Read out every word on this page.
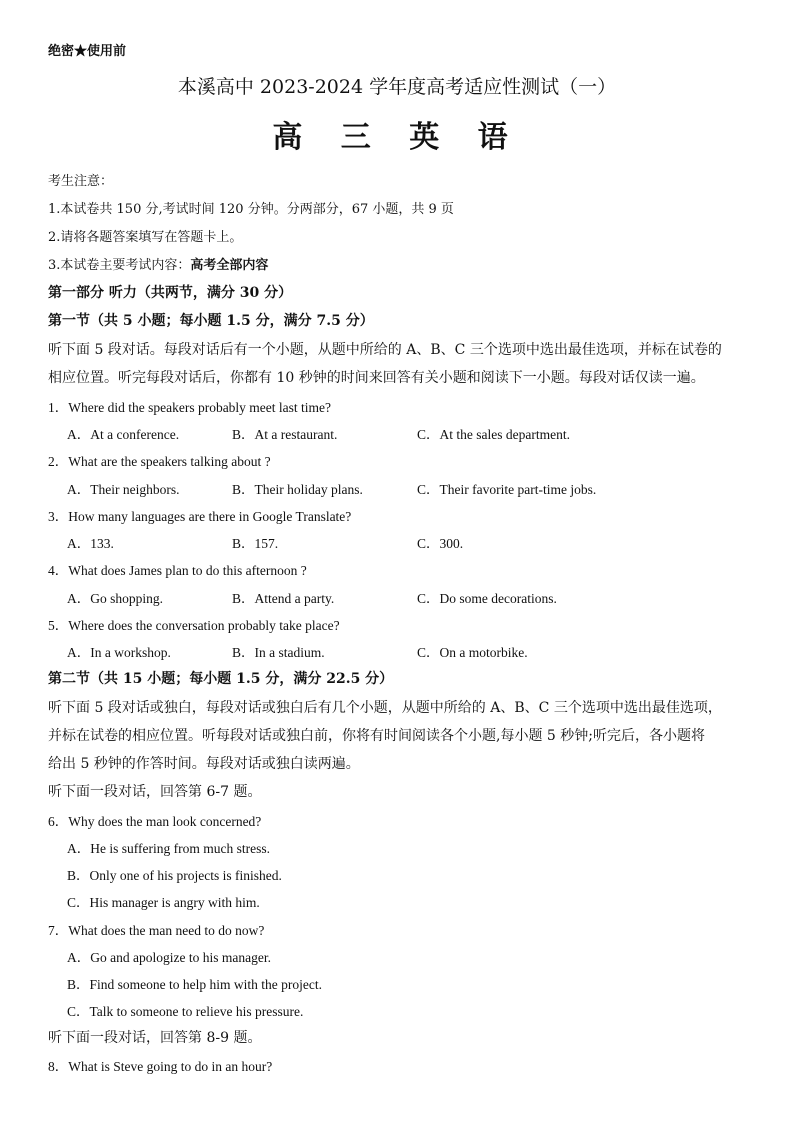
绝密★使用前
本溪高中 2023-2024 学年度高考适应性测试（一）
高 三 英 语
考生注意：
1.本试卷共 150 分,考试时间 120 分钟。分两部分，67 小题，共 9 页
2.请将各题答案填写在答题卡上。
3.本试卷主要考试内容：高考全部内容
第一部分 听力（共两节，满分 30 分）
第一节（共 5 小题；每小题 1.5 分，满分 7.5 分）
听下面 5 段对话。每段对话后有一个小题，从题中所给的 A、B、C 三个选项中选出最佳选项，并标在试卷的
相应位置。听完每段对话后，你都有 10 秒钟的时间来回答有关小题和阅读下一小题。每段对话仅读一遍。
1．Where did the speakers probably meet last time?
A．At a conference.	B．At a restaurant.	C．At the sales department.
2．What are the speakers talking about ?
A．Their neighbors.	B．Their holiday plans.	C．Their favorite part-time jobs.
3．How many languages are there in Google Translate?
A．133.	B．157.	C．300.
4．What does James plan to do this afternoon ?
A．Go shopping.	B．Attend a party.	C．Do some decorations.
5．Where does the conversation probably take place?
A．In a workshop.	B．In a stadium.	C．On a motorbike.
第二节（共 15 小题；每小题 1.5 分，满分 22.5 分）
听下面 5 段对话或独白，每段对话或独白后有几个小题，从题中所给的 A、B、C 三个选项中选出最佳选项，
并标在试卷的相应位置。听每段对话或独白前，你将有时间阅读各个小题,每小题 5 秒钟;听完后，各小题将
给出 5 秒钟的作答时间。每段对话或独白读两遍。
听下面一段对话，回答第 6-7 题。
6．Why does the man look concerned?
A．He is suffering from much stress.
B．Only one of his projects is finished.
C．His manager is angry with him.
7．What does the man need to do now?
A．Go and apologize to his manager.
B．Find someone to help him with the project.
C．Talk to someone to relieve his pressure.
听下面一段对话，回答第 8-9 题。
8．What is Steve going to do in an hour?
